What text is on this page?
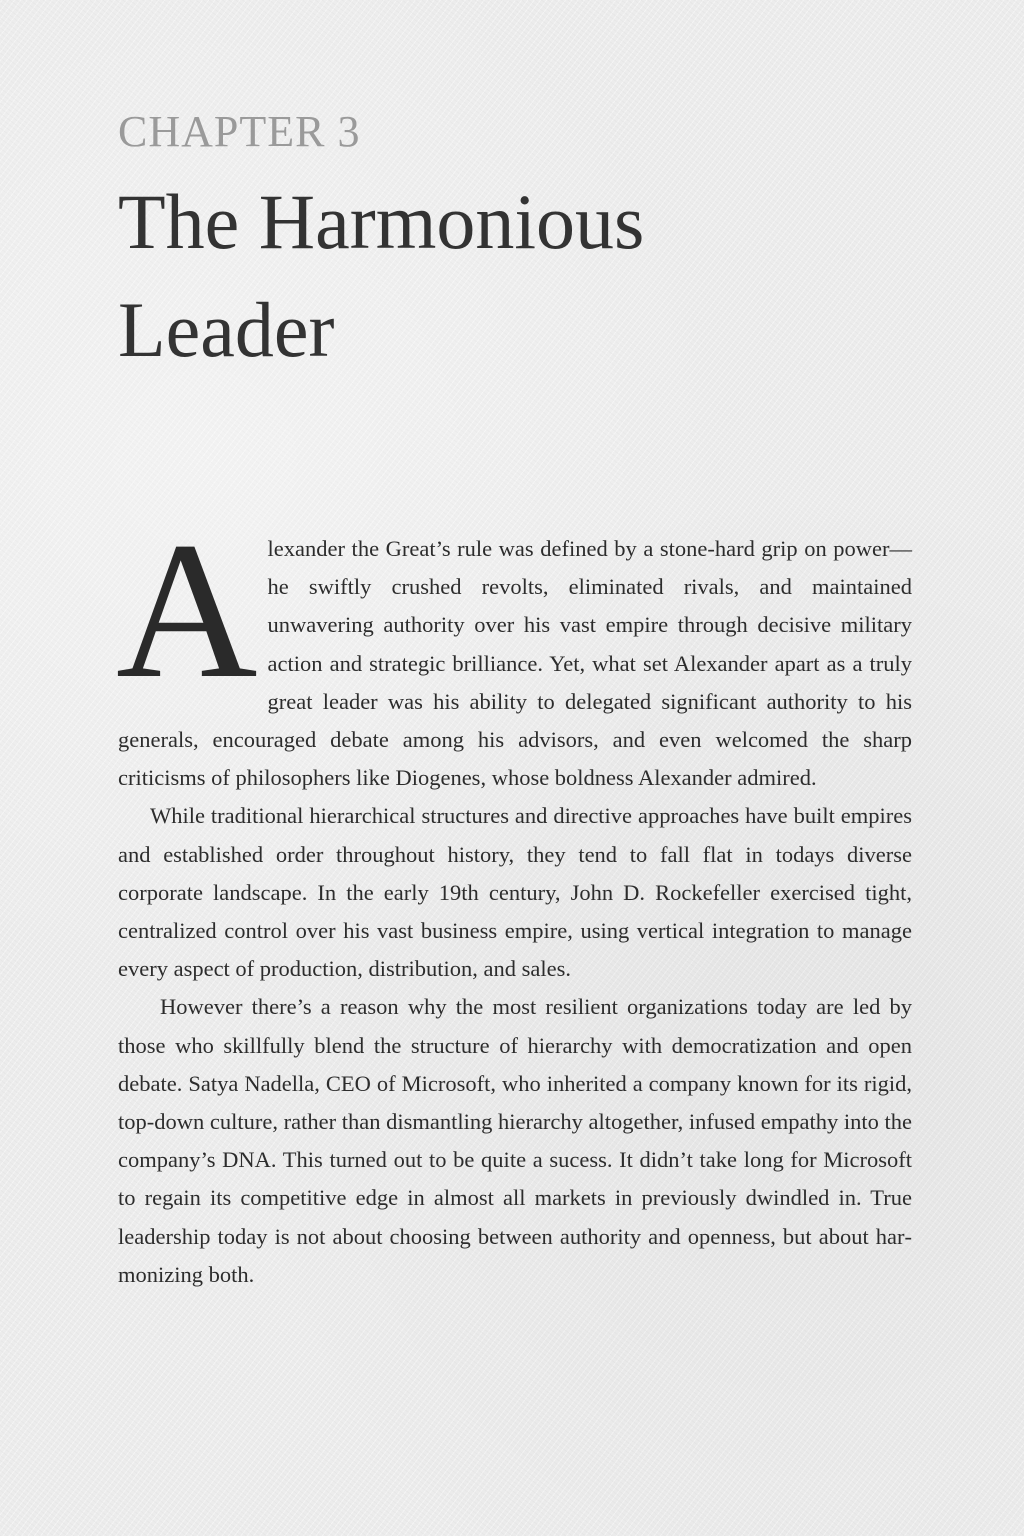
CHAPTER 3
The Harmonious
Leader

Alexander the Great’s rule was defined by a stone-hard grip on power—he swiftly crushed revolts, eliminated rivals, and maintained unwavering authority over his vast empire through decisive military action and strategic brilliance. Yet, what set Alexander apart as a truly great leader was his ability to delegated significant authority to his generals, encouraged debate among his advisors, and even welcomed the sharp criticisms of philosophers like Diogenes, whose boldness Alexander admired.

While traditional hierarchical structures and directive approaches have built empires and established order throughout history, they tend to fall flat in todays diverse corporate landscape. In the early 19th century, John D. Rockefeller exercised tight, centralized control over his vast business empire, using vertical integration to manage every aspect of production, distribution, and sales.

However there’s a reason why the most resilient organizations today are led by those who skillfully blend the structure of hierarchy with democratization and open debate. Satya Nadella, CEO of Microsoft, who inherited a company known for its rigid, top-down culture, rather than dismantling hierarchy altogether, infused empathy into the company’s DNA. This turned out to be quite a sucess. It didn’t take long for Microsoft to regain its competitive edge in almost all markets in previously dwindled in. True leadership today is not about choosing between authority and openness, but about harmonizing both.
